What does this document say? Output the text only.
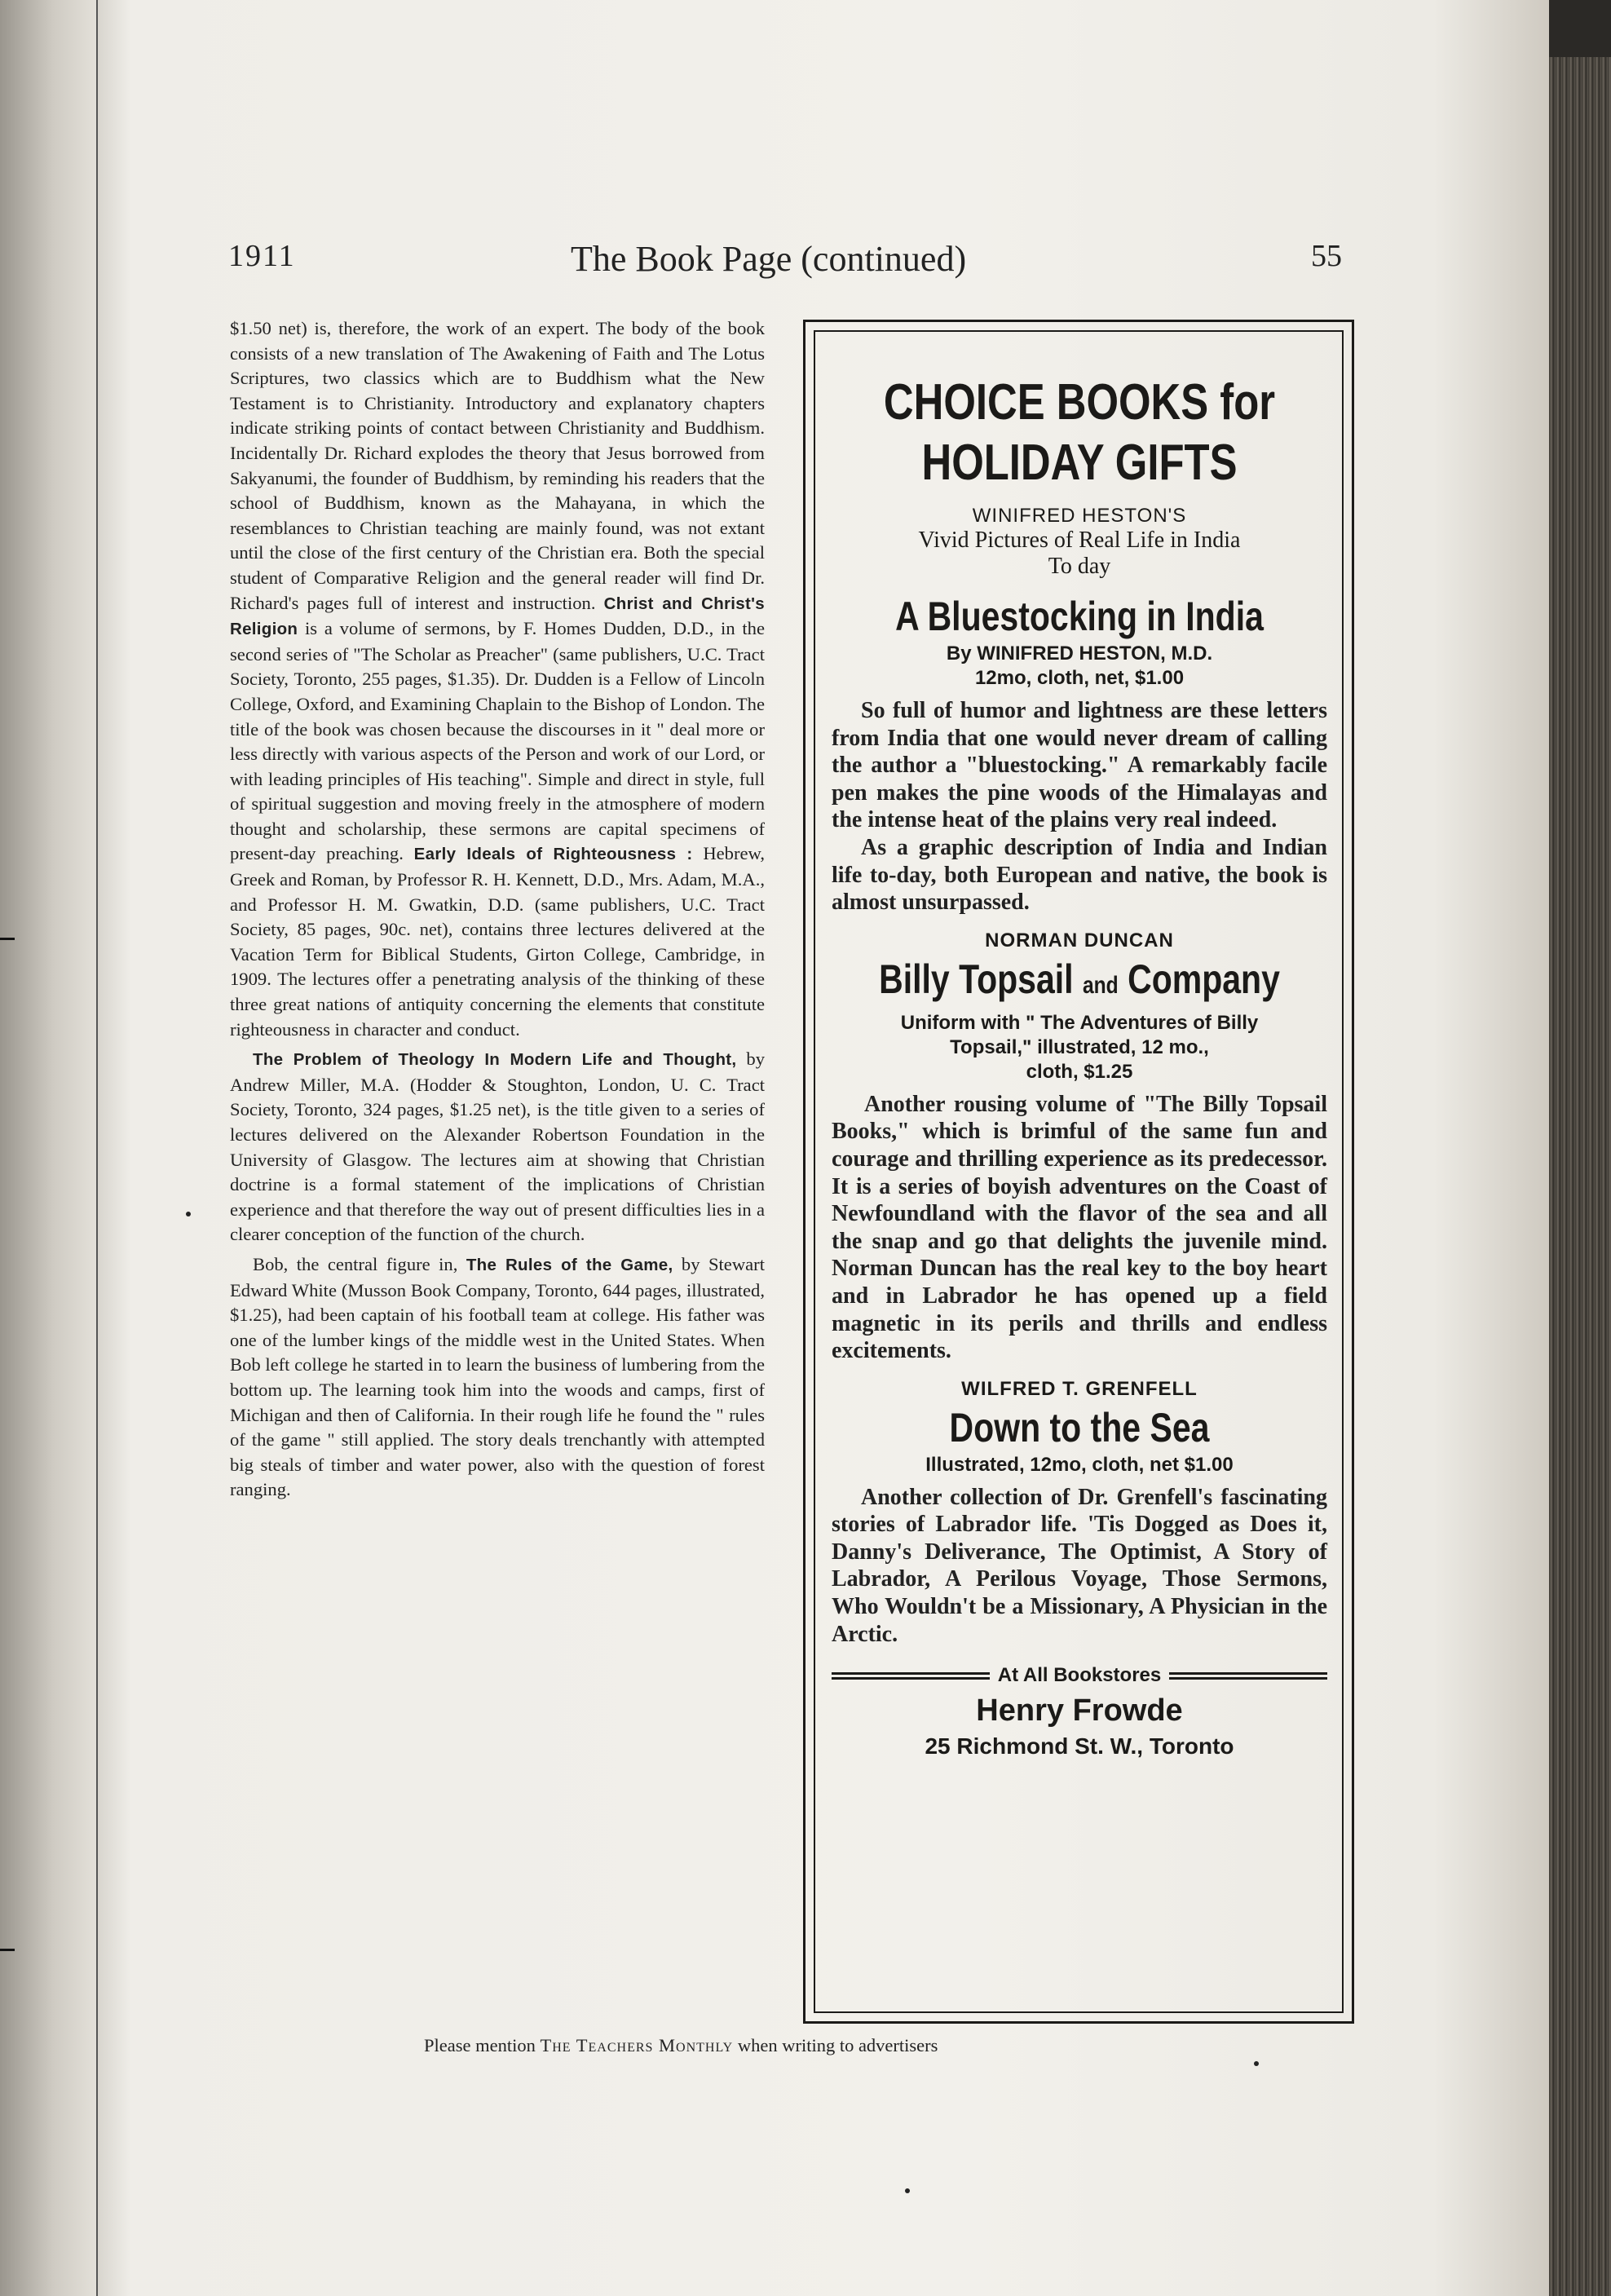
1911	The Book Page (continued)	55

$1.50 net) is, therefore, the work of an expert. The body of the book consists of a new translation of The Awakening of Faith and The Lotus Scriptures, two classics which are to Buddhism what the New Testament is to Christianity. Introductory and explanatory chapters indicate striking points of contact between Christianity and Buddhism. Incidentally Dr. Richard explodes the theory that Jesus borrowed from Sakyanumi, the founder of Buddhism, by reminding his readers that the school of Buddhism, known as the Mahayana, in which the resemblances to Christian teaching are mainly found, was not extant until the close of the first century of the Christian era. Both the special student of Comparative Religion and the general reader will find Dr. Richard's pages full of interest and instruction. Christ and Christ's Religion is a volume of sermons, by F. Homes Dudden, D.D., in the second series of "The Scholar as Preacher" (same publishers, U.C. Tract Society, Toronto, 255 pages, $1.35). Dr. Dudden is a Fellow of Lincoln College, Oxford, and Examining Chaplain to the Bishop of London. The title of the book was chosen because the discourses in it " deal more or less directly with various aspects of the Person and work of our Lord, or with leading principles of His teaching". Simple and direct in style, full of spiritual suggestion and moving freely in the atmosphere of modern thought and scholarship, these sermons are capital specimens of present-day preaching. Early Ideals of Righteousness : Hebrew, Greek and Roman, by Professor R. H. Kennett, D.D., Mrs. Adam, M.A., and Professor H. M. Gwatkin, D.D. (same publishers, U.C. Tract Society, 85 pages, 90c. net), contains three lectures delivered at the Vacation Term for Biblical Students, Girton College, Cambridge, in 1909. The lectures offer a penetrating analysis of the thinking of these three great nations of antiquity concerning the elements that constitute righteousness in character and conduct.

The Problem of Theology In Modern Life and Thought, by Andrew Miller, M.A. (Hodder & Stoughton, London, U. C. Tract Society, Toronto, 324 pages, $1.25 net), is the title given to a series of lectures delivered on the Alexander Robertson Foundation in the University of Glasgow. The lectures aim at showing that Christian doctrine is a formal statement of the implications of Christian experience and that therefore the way out of present difficulties lies in a clearer conception of the function of the church.

Bob, the central figure in, The Rules of the Game, by Stewart Edward White (Musson Book Company, Toronto, 644 pages, illustrated, $1.25), had been captain of his football team at college. His father was one of the lumber kings of the middle west in the United States. When Bob left college he started in to learn the business of lumbering from the bottom up. The learning took him into the woods and camps, first of Michigan and then of California. In their rough life he found the " rules of the game " still applied. The story deals trenchantly with attempted big steals of timber and water power, also with the question of forest ranging.

CHOICE BOOKS for
HOLIDAY GIFTS
WINIFRED HESTON'S
Vivid Pictures of Real Life in India
To day
A Bluestocking in India
By WINIFRED HESTON, M.D.
12mo, cloth, net, $1.00

So full of humor and lightness are these letters from India that one would never dream of calling the author a "bluestocking." A remarkably facile pen makes the pine woods of the Himalayas and the intense heat of the plains very real indeed.

As a graphic description of India and Indian life to-day, both European and native, the book is almost unsurpassed.

NORMAN DUNCAN
Billy Topsail and Company
Uniform with " The Adventures of Billy
Topsail," illustrated, 12 mo.,
cloth, $1.25

Another rousing volume of "The Billy Topsail Books," which is brimful of the same fun and courage and thrilling experience as its predecessor. It is a series of boyish adventures on the Coast of Newfoundland with the flavor of the sea and all the snap and go that delights the juvenile mind. Norman Duncan has the real key to the boy heart and in Labrador he has opened up a field magnetic in its perils and thrills and endless excitements.

WILFRED T. GRENFELL
Down to the Sea
Illustrated, 12mo, cloth, net $1.00

Another collection of Dr. Grenfell's fascinating stories of Labrador life. 'Tis Dogged as Does it, Danny's Deliverance, The Optimist, A Story of Labrador, A Perilous Voyage, Those Sermons, Who Wouldn't be a Missionary, A Physician in the Arctic.

At All Bookstores
Henry Frowde
25 Richmond St. W., Toronto
Please mention The Teachers Monthly when writing to advertisers
